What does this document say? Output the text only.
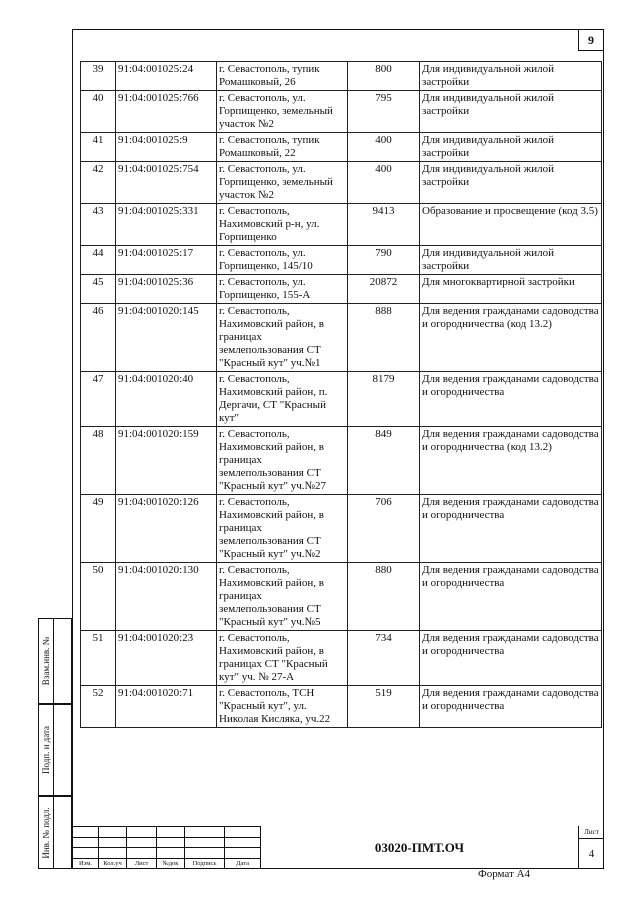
9
39	91:04:001025:24	г. Севастополь, тупик Ромашковый, 26	800	Для индивидуальной жилой застройки
40	91:04:001025:766	г. Севастополь, ул. Горпищенко, земельный участок №2	795	Для индивидуальной жилой застройки
41	91:04:001025:9	г. Севастополь, тупик Ромашковый, 22	400	Для индивидуальной жилой застройки
42	91:04:001025:754	г. Севастополь, ул. Горпищенко, земельный участок №2	400	Для индивидуальной жилой застройки
43	91:04:001025:331	г. Севастополь, Нахимовский р-н, ул. Горпищенко	9413	Образование и просвещение (код 3.5)
44	91:04:001025:17	г. Севастополь, ул. Горпищенко, 145/10	790	Для индивидуальной жилой застройки
45	91:04:001025:36	г. Севастополь, ул. Горпищенко, 155-А	20872	Для многоквартирной застройки
46	91:04:001020:145	г. Севастополь, Нахимовский район, в границах землепользования СТ "Красный кут" уч.№1	888	Для ведения гражданами садоводства и огородничества (код 13.2)
47	91:04:001020:40	г. Севастополь, Нахимовский район, п. Дергачи, СТ "Красный кут"	8179	Для ведения гражданами садоводства и огородничества
48	91:04:001020:159	г. Севастополь, Нахимовский район, в границах землепользования СТ "Красный кут" уч.№27	849	Для ведения гражданами садоводства и огородничества (код 13.2)
49	91:04:001020:126	г. Севастополь, Нахимовский район, в границах землепользования СТ "Красный кут" уч.№2	706	Для ведения гражданами садоводства и огородничества
50	91:04:001020:130	г. Севастополь, Нахимовский район, в границах землепользования СТ "Красный кут" уч.№5	880	Для ведения гражданами садоводства и огородничества
51	91:04:001020:23	г. Севастополь, Нахимовский район, в границах СТ "Красный кут" уч. № 27-А	734	Для ведения гражданами садоводства и огородничества
52	91:04:001020:71	г. Севастополь, ТСН "Красный кут", ул. Николая Кисляка, уч.22	519	Для ведения гражданами садоводства и огородничества
Взам.инв. №
Подп. и дата
Инв. № подл.

Изм.	Кол.уч	Лист	№док	Подпись	Дата
03020-ПМТ.ОЧ
Лист
4
Формат А4
